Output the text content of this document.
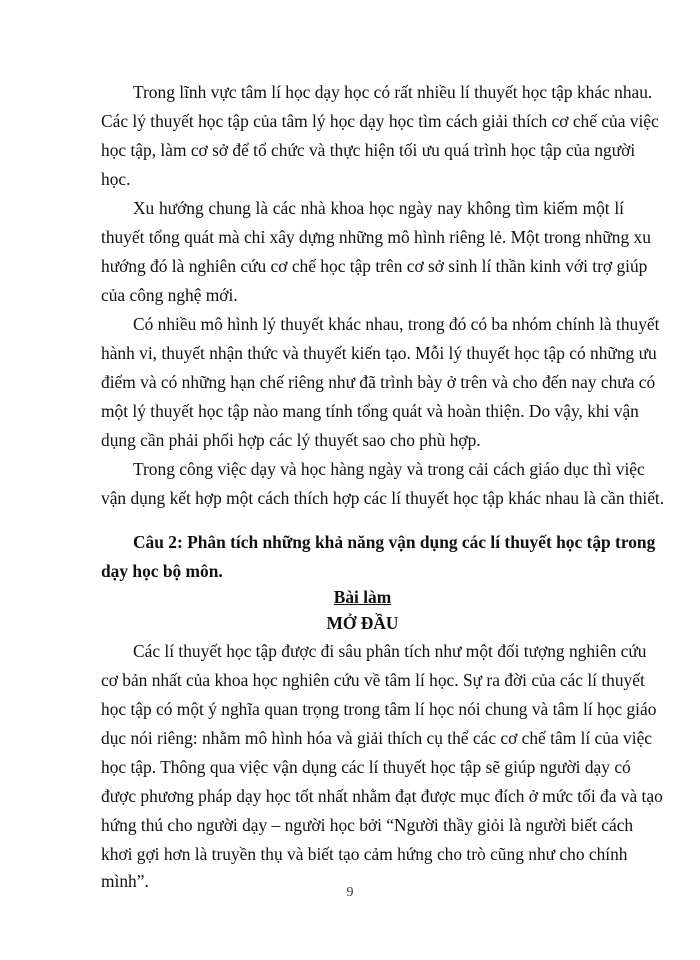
Trong lĩnh vực tâm lí học dạy học có rất nhiều lí thuyết học tập khác nhau.
Các lý thuyết học tập của tâm lý học dạy học tìm cách giải thích cơ chế của việc
học tập, làm cơ sở để tổ chức và thực hiện tối ưu quá trình học tập của người
học.
Xu hướng chung là các nhà khoa học ngày nay không tìm kiếm một lí
thuyết tổng quát mà chỉ xây dựng những mô hình riêng lẻ. Một trong những xu
hướng đó là nghiên cứu cơ chế học tập trên cơ sở sinh lí thần kinh với trợ giúp
của công nghệ mới.
Có nhiều mô hình lý thuyết khác nhau, trong đó có ba nhóm chính là thuyết
hành vi, thuyết nhận thức và thuyết kiến tạo. Mỗi lý thuyết học tập có những ưu
điểm và có những hạn chế riêng như đã trình bày ở trên và cho đến nay chưa có
một lý thuyết học tập nào mang tính tổng quát và hoàn thiện. Do vậy, khi vận
dụng cần phải phối hợp các lý thuyết sao cho phù hợp.
Trong công việc dạy và học hàng ngày và trong cải cách giáo dục thì việc
vận dụng kết hợp một cách thích hợp các lí thuyết học tập khác nhau là cần thiết.
Câu 2: Phân tích những khả năng vận dụng các lí thuyết học tập trong
dạy học bộ môn.
Bài làm
MỞ ĐẦU
Các lí thuyết học tập được đi sâu phân tích như một đối tượng nghiên cứu
cơ bản nhất của khoa học nghiên cứu về tâm lí học. Sự ra đời của các lí thuyết
học tập có một ý nghĩa quan trọng trong tâm lí học nói chung và tâm lí học giáo
dục nói riêng: nhằm mô hình hóa và giải thích cụ thể các cơ chế tâm lí của việc
học tập. Thông qua việc vận dụng các lí thuyết học tập sẽ giúp người dạy có
được phương pháp dạy học tốt nhất nhằm đạt được mục đích ở mức tối đa và tạo
hứng thú cho người dạy – người học bởi “Người thầy giỏi là người biết cách
khơi gợi hơn là truyền thụ và biết tạo cảm hứng cho trò cũng như cho chính
mình”.
9
